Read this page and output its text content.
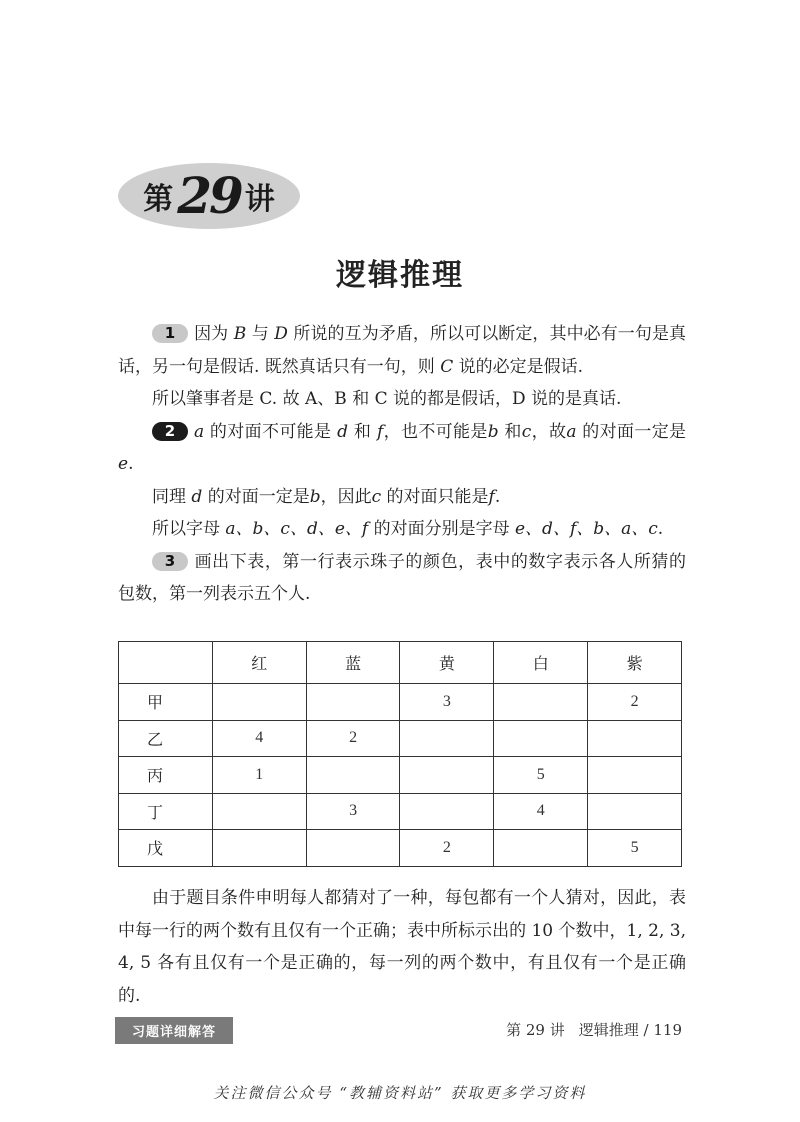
第 29 讲
逻辑推理

1 因为 B 与 D 所说的互为矛盾，所以可以断定，其中必有一句是真话，另一句是假话. 既然真话只有一句，则 C 说的必定是假话.

所以肇事者是 C. 故 A、B 和 C 说的都是假话，D 说的是真话.

2 a 的对面不可能是 d 和 f，也不可能是b 和c，故a 的对面一定是e.

同理 d 的对面一定是b，因此c 的对面只能是f.

所以字母 a、b、c、d、e、f 的对面分别是字母 e、d、f、b、a、c.

3 画出下表，第一行表示珠子的颜色，表中的数字表示各人所猜的包数，第一列表示五个人.

	红	蓝	黄	白	紫
甲			3		2
乙	4	2			
丙	1			5	
丁		3		4	
戊			2		5

由于题目条件申明每人都猜对了一种，每包都有一个人猜对，因此，表中每一行的两个数有且仅有一个正确；表中所标示出的 10 个数中，1, 2, 3, 4, 5 各有且仅有一个是正确的，每一列的两个数中，有且仅有一个是正确的.

习题详细解答	第 29 讲 逻辑推理 / 119
关注微信公众号 “教辅资料站” 获取更多学习资料
